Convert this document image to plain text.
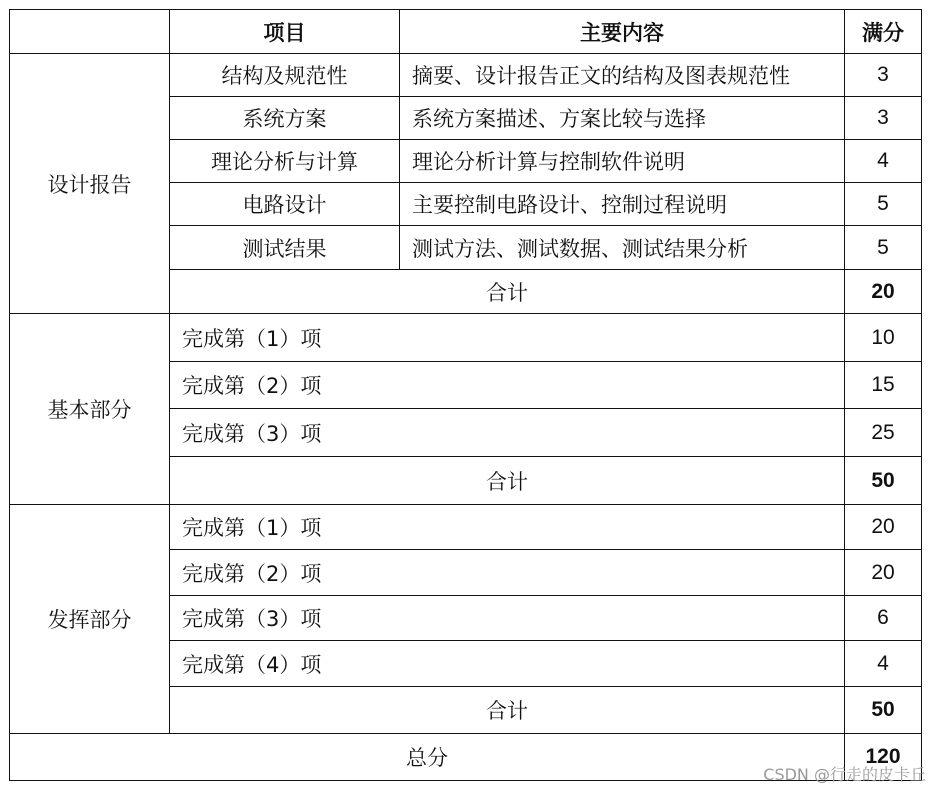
	项目	主要内容	满分
设计报告	结构及规范性	摘要、设计报告正文的结构及图表规范性	3
	系统方案	系统方案描述、方案比较与选择	3
	理论分析与计算	理论分析计算与控制软件说明	4
	电路设计	主要控制电路设计、控制过程说明	5
	测试结果	测试方法、测试数据、测试结果分析	5
	合计		20
基本部分	完成第（1）项		10
	完成第（2）项		15
	完成第（3）项		25
	合计		50
发挥部分	完成第（1）项		20
	完成第（2）项		20
	完成第（3）项		6
	完成第（4）项		4
	合计		50
总分			120
CSDN @行走的皮卡丘
